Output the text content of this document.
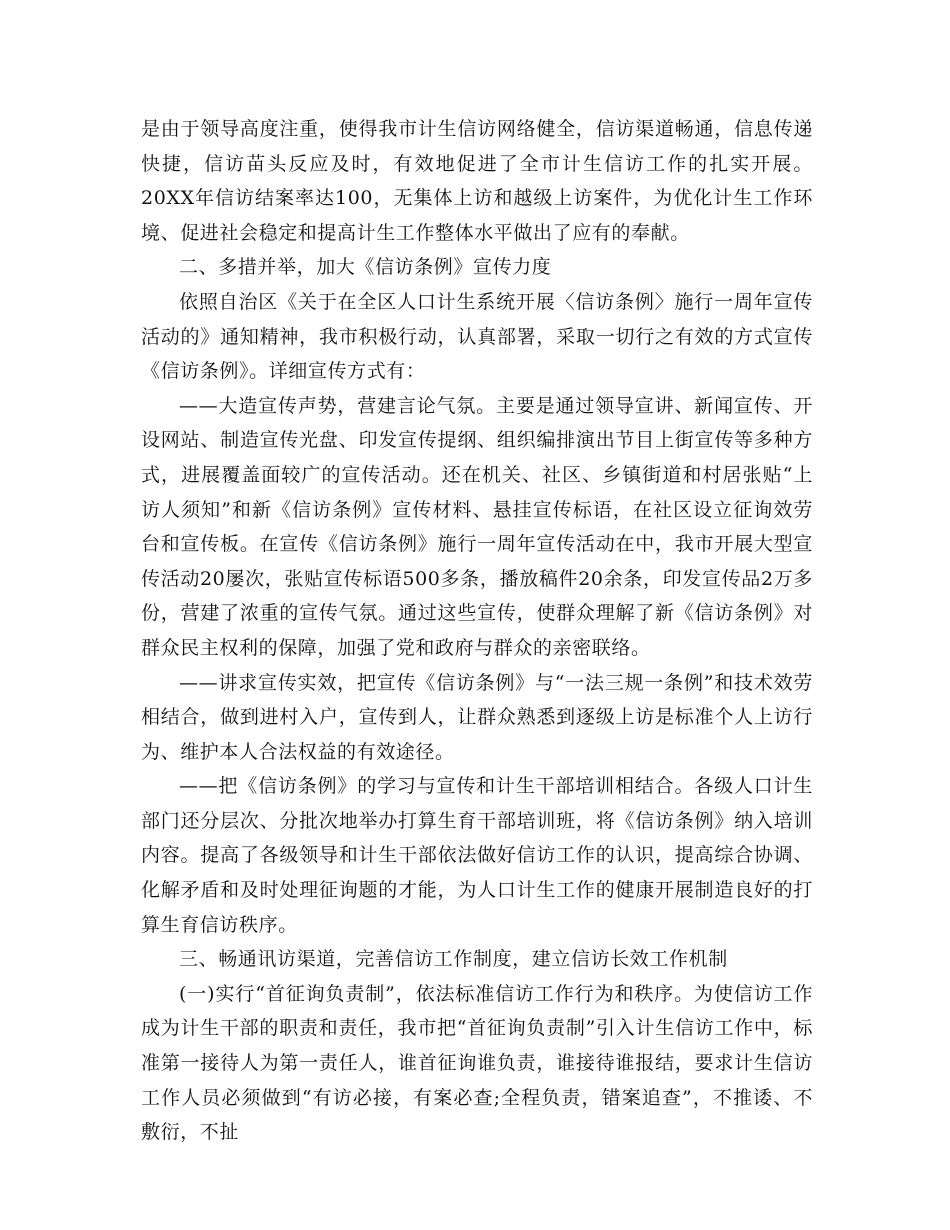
是由于领导高度注重，使得我市计生信访网络健全，信访渠道畅通，信息传递快捷，信访苗头反应及时，有效地促进了全市计生信访工作的扎实开展。20XX年信访结案率达100，无集体上访和越级上访案件，为优化计生工作环境、促进社会稳定和提高计生工作整体水平做出了应有的奉献。

二、多措并举，加大《信访条例》宣传力度

依照自治区《关于在全区人口计生系统开展〈信访条例〉施行一周年宣传活动的》通知精神，我市积极行动，认真部署，采取一切行之有效的方式宣传《信访条例》。详细宣传方式有：

——大造宣传声势，营建言论气氛。主要是通过领导宣讲、新闻宣传、开设网站、制造宣传光盘、印发宣传提纲、组织编排演出节目上街宣传等多种方式，进展覆盖面较广的宣传活动。还在机关、社区、乡镇街道和村居张贴“上访人须知”和新《信访条例》宣传材料、悬挂宣传标语，在社区设立征询效劳台和宣传板。在宣传《信访条例》施行一周年宣传活动在中，我市开展大型宣传活动20屡次，张贴宣传标语500多条，播放稿件20余条，印发宣传品2万多份，营建了浓重的宣传气氛。通过这些宣传，使群众理解了新《信访条例》对群众民主权利的保障，加强了党和政府与群众的亲密联络。

——讲求宣传实效，把宣传《信访条例》与“一法三规一条例”和技术效劳相结合，做到进村入户，宣传到人，让群众熟悉到逐级上访是标准个人上访行为、维护本人合法权益的有效途径。

——把《信访条例》的学习与宣传和计生干部培训相结合。各级人口计生部门还分层次、分批次地举办打算生育干部培训班，将《信访条例》纳入培训内容。提高了各级领导和计生干部依法做好信访工作的认识，提高综合协调、化解矛盾和及时处理征询题的才能，为人口计生工作的健康开展制造良好的打算生育信访秩序。

三、畅通讯访渠道，完善信访工作制度，建立信访长效工作机制

(一)实行“首征询负责制”，依法标准信访工作行为和秩序。为使信访工作成为计生干部的职责和责任，我市把“首征询负责制”引入计生信访工作中，标准第一接待人为第一责任人，谁首征询谁负责，谁接待谁报结，要求计生信访工作人员必须做到“有访必接，有案必查;全程负责，错案追查”，不推诿、不敷衍，不扯
